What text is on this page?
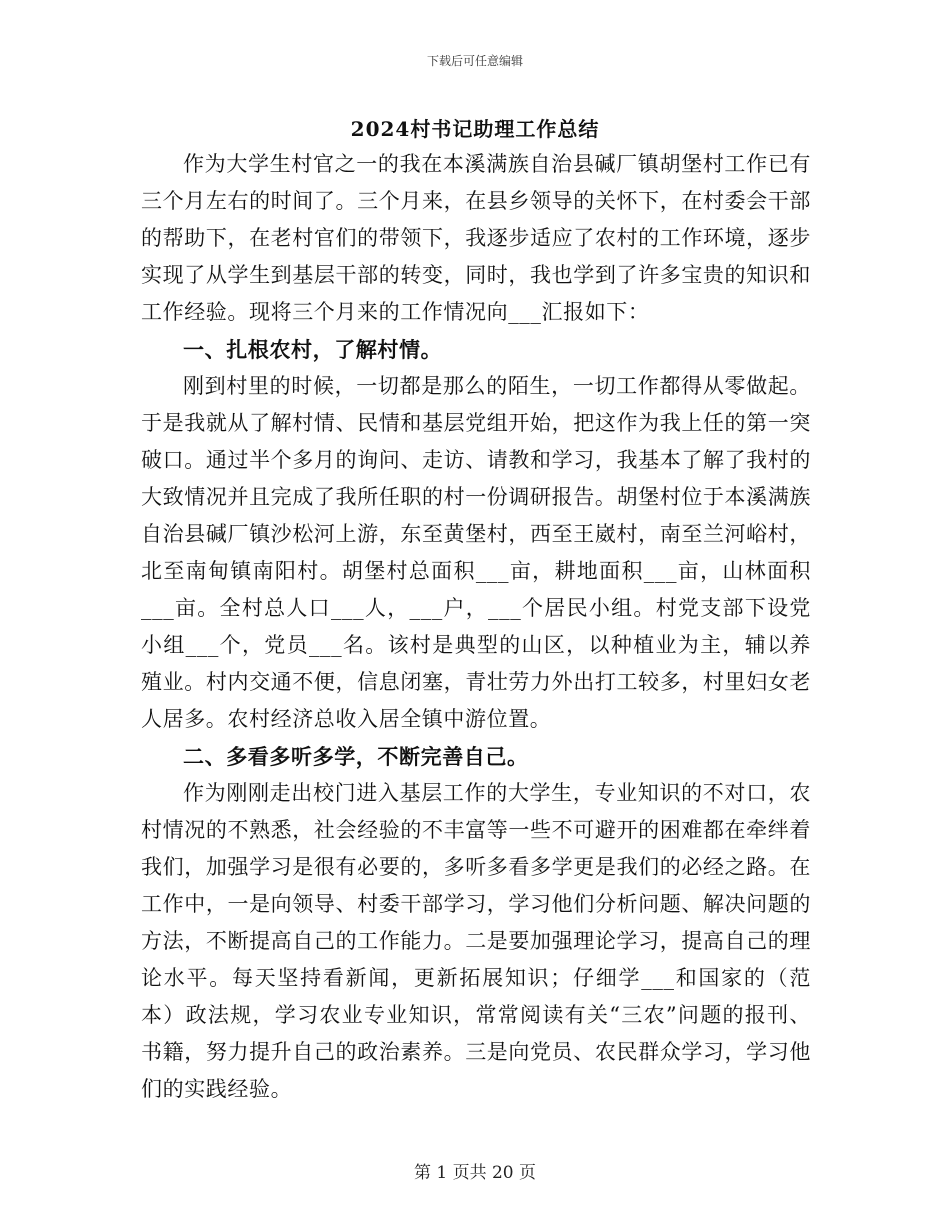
下载后可任意编辑
2024村书记助理工作总结

作为大学生村官之一的我在本溪满族自治县碱厂镇胡堡村工作已有三个月左右的时间了。三个月来，在县乡领导的关怀下，在村委会干部的帮助下，在老村官们的带领下，我逐步适应了农村的工作环境，逐步实现了从学生到基层干部的转变，同时，我也学到了许多宝贵的知识和工作经验。现将三个月来的工作情况向___汇报如下：

一、扎根农村，了解村情。

刚到村里的时候，一切都是那么的陌生，一切工作都得从零做起。于是我就从了解村情、民情和基层党组开始，把这作为我上任的第一突破口。通过半个多月的询问、走访、请教和学习，我基本了解了我村的大致情况并且完成了我所任职的村一份调研报告。胡堡村位于本溪满族自治县碱厂镇沙松河上游，东至黄堡村，西至王崴村，南至兰河峪村，北至南甸镇南阳村。胡堡村总面积___亩，耕地面积___亩，山林面积___亩。全村总人口___人，___户，___个居民小组。村党支部下设党小组___个，党员___名。该村是典型的山区，以种植业为主，辅以养殖业。村内交通不便，信息闭塞，青壮劳力外出打工较多，村里妇女老人居多。农村经济总收入居全镇中游位置。

二、多看多听多学，不断完善自己。

作为刚刚走出校门进入基层工作的大学生，专业知识的不对口，农村情况的不熟悉，社会经验的不丰富等一些不可避开的困难都在牵绊着我们，加强学习是很有必要的，多听多看多学更是我们的必经之路。在工作中，一是向领导、村委干部学习，学习他们分析问题、解决问题的方法，不断提高自己的工作能力。二是要加强理论学习，提高自己的理论水平。每天坚持看新闻，更新拓展知识；仔细学___和国家的（范本）政法规，学习农业专业知识，常常阅读有关“三农”问题的报刊、书籍，努力提升自己的政治素养。三是向党员、农民群众学习，学习他们的实践经验。

第 1 页共 20 页
